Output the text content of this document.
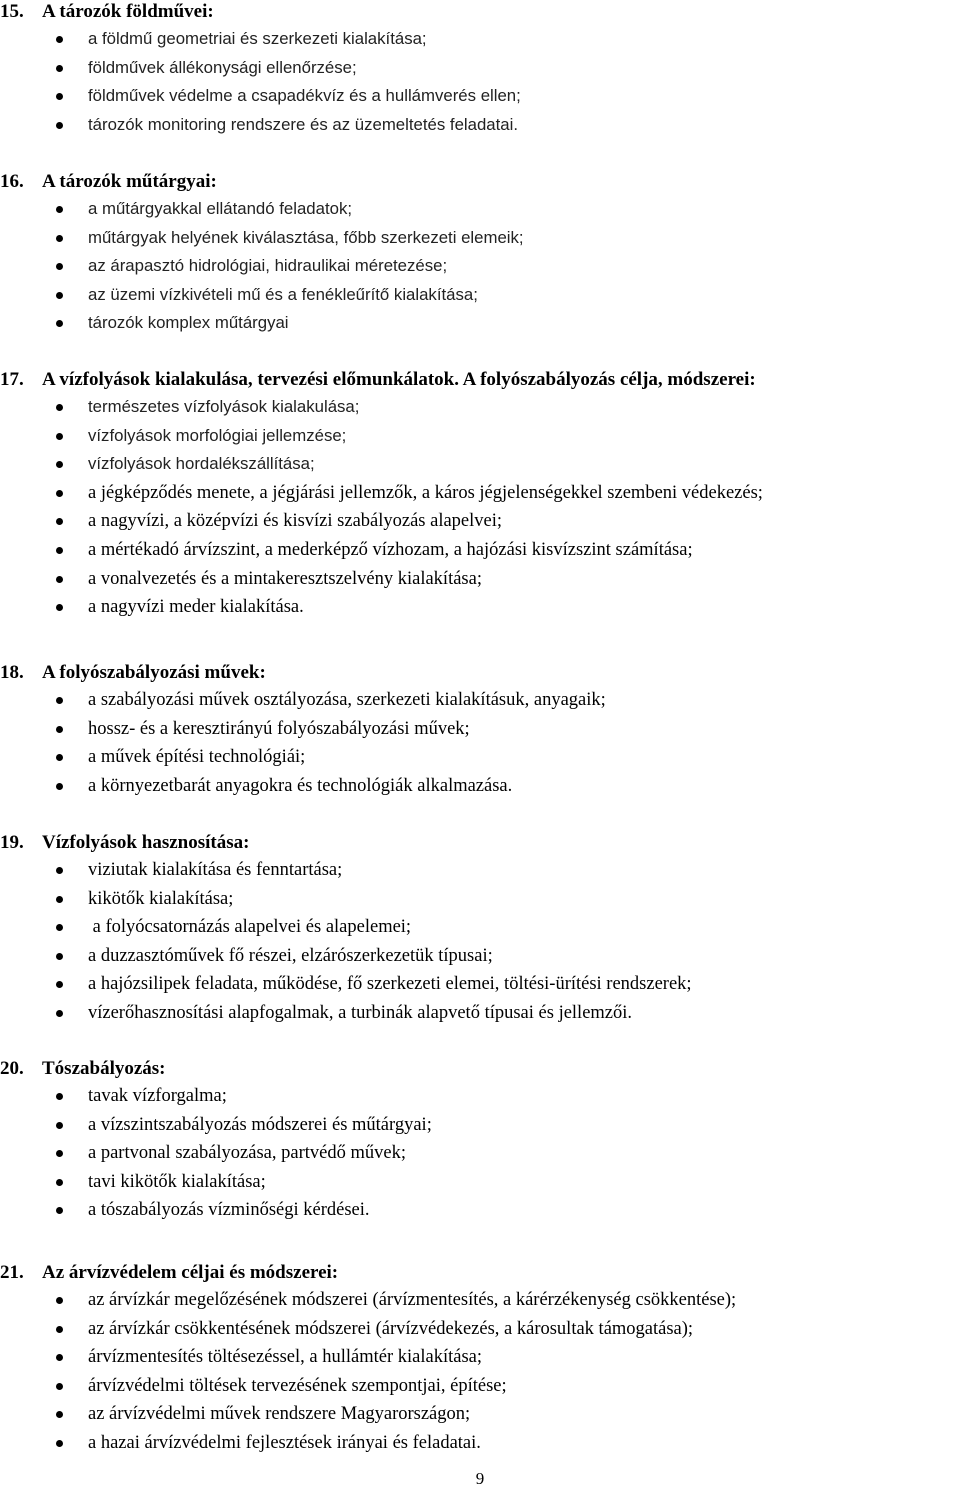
15. A tározók földművei:
a földmű geometriai és szerkezeti kialakítása;
földművek állékonysági ellenőrzése;
földművek védelme a csapadékvíz és a hullámverés ellen;
tározók monitoring rendszere és az üzemeltetés feladatai.
16. A tározók műtárgyai:
a műtárgyakkal ellátandó feladatok;
műtárgyak helyének kiválasztása, főbb szerkezeti elemeik;
az árapasztó hidrológiai, hidraulikai méretezése;
az üzemi vízkivételi mű és a fenékleűrítő kialakítása;
tározók komplex műtárgyai
17. A vízfolyások kialakulása, tervezési előmunkálatok. A folyószabályozás célja, módszerei:
természetes vízfolyások kialakulása;
vízfolyások morfológiai jellemzése;
vízfolyások hordalékszállítása;
a jégképződés menete, a jégjárási jellemzők, a káros jégjelenségekkel szembeni védekezés;
a nagyvízi, a középvízi és kisvízi szabályozás alapelvei;
a mértékadó árvízszint, a mederképző vízhozam, a hajózási kisvízszint számítása;
a vonalvezetés és a mintakeresztszelvény kialakítása;
a nagyvízi meder kialakítása.
18. A folyószabályozási művek:
a szabályozási művek osztályozása, szerkezeti kialakításuk, anyagaik;
hossz- és a keresztirányú folyószabályozási művek;
a művek építési technológiái;
a környezetbarát anyagokra és technológiák alkalmazása.
19. Vízfolyások hasznosítása:
viziutak kialakítása és fenntartása;
kikötők kialakítása;
a folyócsatornázás alapelvei és alapelemei;
a duzzasztóművek fő részei, elzárószerkezetük típusai;
a hajózsilipek feladata, működése, fő szerkezeti elemei, töltési-ürítési rendszerek;
vízerőhasznosítási alapfogalmak, a turbinák alapvető típusai és jellemzői.
20. Tószabályozás:
tavak vízforgalma;
a vízszintszabályozás módszerei és műtárgyai;
a partvonal szabályozása, partvédő művek;
tavi kikötők kialakítása;
a tószabályozás vízminőségi kérdései.
21. Az árvízvédelem céljai és módszerei:
az árvízkár megelőzésének módszerei (árvízmentesítés, a kárérzékenység csökkentése);
az árvízkár csökkentésének módszerei (árvízvédekezés, a károsultak támogatása);
árvízmentesítés töltésezéssel, a hullámtér kialakítása;
árvízvédelmi töltések tervezésének szempontjai, építése;
az árvízvédelmi művek rendszere Magyarországon;
a hazai árvízvédelmi fejlesztések irányai és feladatai.
9
